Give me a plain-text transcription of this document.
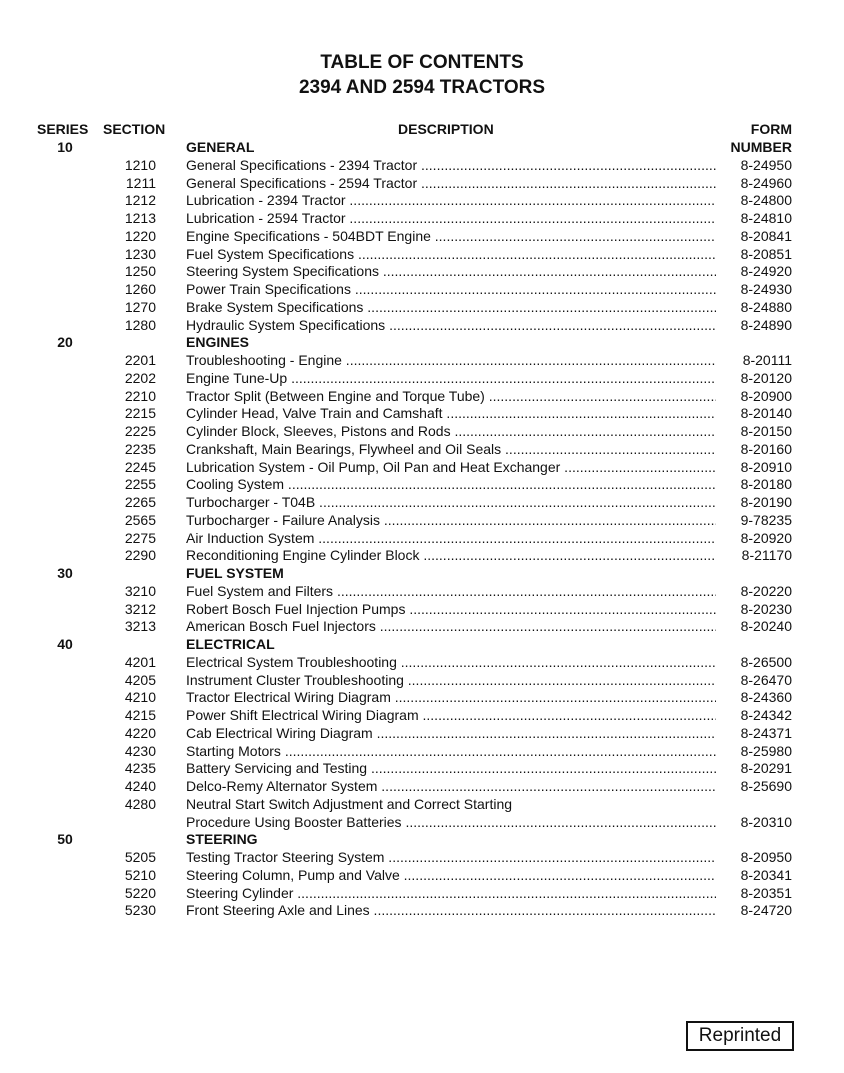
TABLE OF CONTENTS
2394 AND 2594 TRACTORS
SERIES SECTION	DESCRIPTION	FORM
10	GENERAL	NUMBER
1210 General Specifications - 2394 Tractor .....	8-24950
1211 General Specifications - 2594 Tractor .....	8-24960
1212 Lubrication - 2394 Tractor .....	8-24800
1213 Lubrication - 2594 Tractor .....	8-24810
1220 Engine Specifications - 504BDT Engine .....	8-20841
1230 Fuel System Specifications .....	8-20851
1250 Steering System Specifications .....	8-24920
1260 Power Train Specifications .....	8-24930
1270 Brake System Specifications .....	8-24880
1280 Hydraulic System Specifications .....	8-24890
20	ENGINES
2201 Troubleshooting - Engine .....	8-20111
2202 Engine Tune-Up .....	8-20120
2210 Tractor Split (Between Engine and Torque Tube) .....	8-20900
2215 Cylinder Head, Valve Train and Camshaft .....	8-20140
2225 Cylinder Block, Sleeves, Pistons and Rods .....	8-20150
2235 Crankshaft, Main Bearings, Flywheel and Oil Seals .....	8-20160
2245 Lubrication System - Oil Pump, Oil Pan and Heat Exchanger .....	8-20910
2255 Cooling System .....	8-20180
2265 Turbocharger - T04B .....	8-20190
2565 Turbocharger - Failure Analysis .....	9-78235
2275 Air Induction System .....	8-20920
2290 Reconditioning Engine Cylinder Block .....	8-21170
30	FUEL SYSTEM
3210 Fuel System and Filters .....	8-20220
3212 Robert Bosch Fuel Injection Pumps .....	8-20230
3213 American Bosch Fuel Injectors .....	8-20240
40	ELECTRICAL
4201 Electrical System Troubleshooting .....	8-26500
4205 Instrument Cluster Troubleshooting .....	8-26470
4210 Tractor Electrical Wiring Diagram .....	8-24360
4215 Power Shift Electrical Wiring Diagram .....	8-24342
4220 Cab Electrical Wiring Diagram .....	8-24371
4230 Starting Motors .....	8-25980
4235 Battery Servicing and Testing .....	8-20291
4240 Delco-Remy Alternator System .....	8-25690
4280 Neutral Start Switch Adjustment and Correct Starting
Procedure Using Booster Batteries .....	8-20310
50	STEERING
5205 Testing Tractor Steering System .....	8-20950
5210 Steering Column, Pump and Valve .....	8-20341
5220 Steering Cylinder .....	8-20351
5230 Front Steering Axle and Lines .....	8-24720
Reprinted
